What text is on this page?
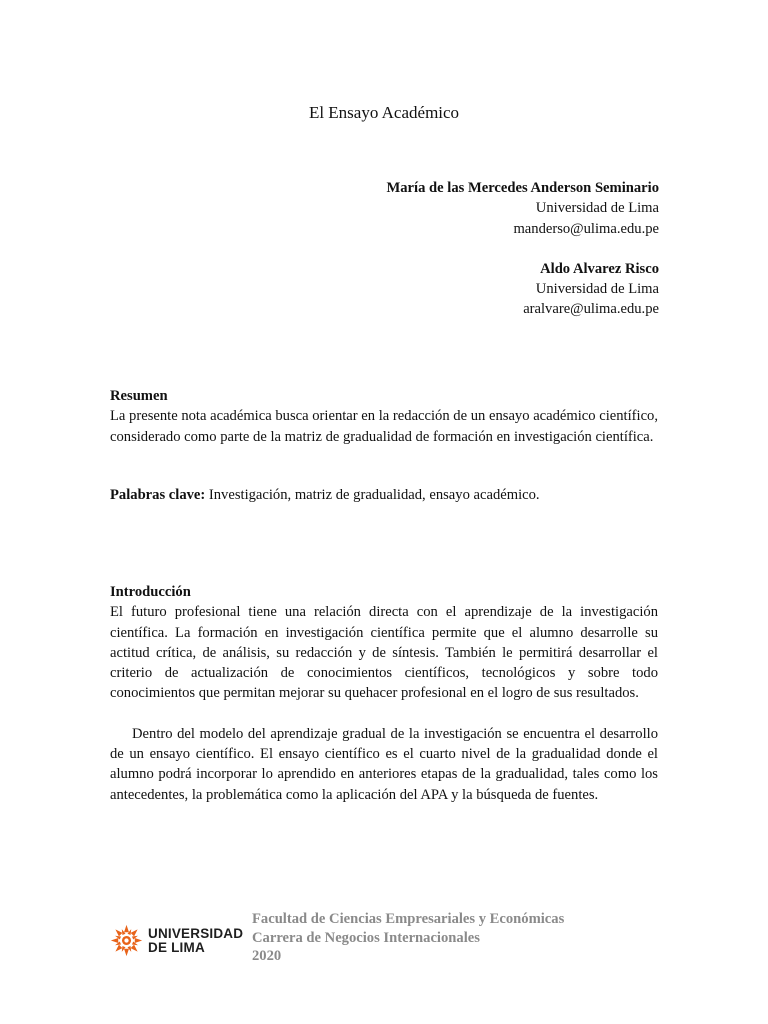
El Ensayo Académico
María de las Mercedes Anderson Seminario
Universidad de Lima
manderso@ulima.edu.pe
Aldo Alvarez Risco
Universidad de Lima
aralvare@ulima.edu.pe
Resumen

La presente nota académica busca orientar en la redacción de un ensayo académico científico, considerado como parte de la matriz de gradualidad de formación en investigación científica.

Palabras clave: Investigación, matriz de gradualidad, ensayo académico.
Introducción

El futuro profesional tiene una relación directa con el aprendizaje de la investigación científica. La formación en investigación científica permite que el alumno desarrolle su actitud crítica, de análisis, su redacción y de síntesis. También le permitirá desarrollar el criterio de actualización de conocimientos científicos, tecnológicos y sobre todo conocimientos que permitan mejorar su quehacer profesional en el logro de sus resultados.

Dentro del modelo del aprendizaje gradual de la investigación se encuentra el desarrollo de un ensayo científico. El ensayo científico es el cuarto nivel de la gradualidad donde el alumno podrá incorporar lo aprendido en anteriores etapas de la gradualidad, tales como los antecedentes, la problemática como la aplicación del APA y la búsqueda de fuentes.

UNIVERSIDAD
DE LIMA
Facultad de Ciencias Empresariales y Económicas
Carrera de Negocios Internacionales
2020
